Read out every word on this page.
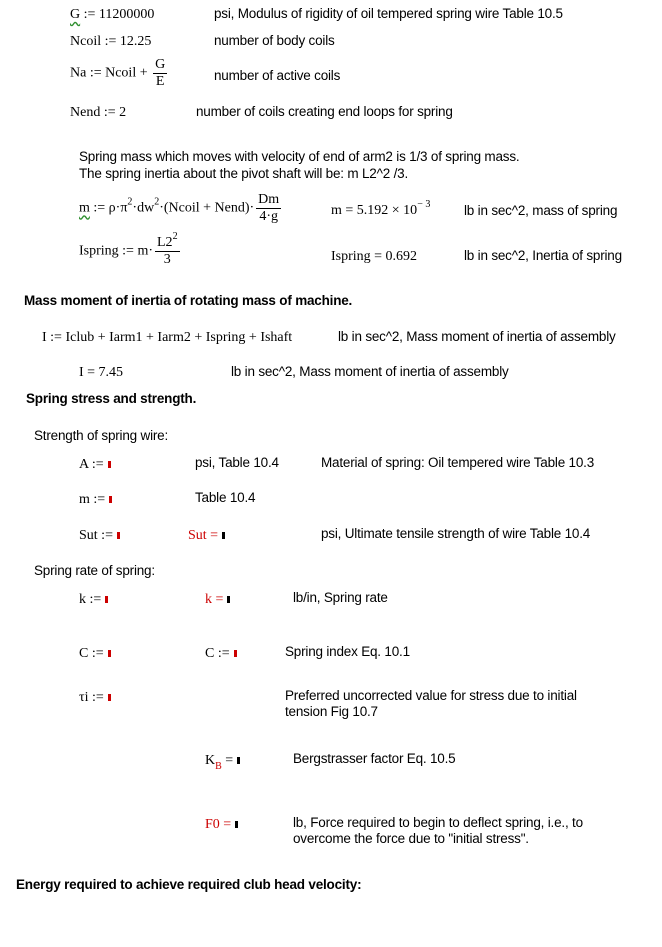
G := 11200000	psi, Modulus of rigidity of oil tempered spring wire Table 10.5
Ncoil := 12.25	number of body coils
Na := Ncoil + $\frac{G}{E}$	number of active coils
Nend := 2	number of coils creating end loops for spring
Spring mass which moves with velocity of end of arm2 is 1/3 of spring mass.
The spring inertia about the pivot shaft will be: m L2^2 /3.
m := $\rho\cdot\pi^2\cdot dw^2\cdot(Ncoil$ + Nend)· $\frac{Dm}{4\cdot g}$	$m = 5.192 \times 10^{- 3}$ lb in sec^2, mass of spring
Ispring := $m\cdot \frac{L2^2}{3}$	Ispring = 0.692	lb in sec^2, Inertia of spring
Mass moment of inertia of rotating mass of machine.
I := Iclub + Iarm1 + Iarm2 + Ispring + Ishaft	lb in sec^2, Mass moment of inertia of assembly
I = 7.45	lb in sec^2, Mass moment of inertia of assembly
Spring stress and strength.
Strength of spring wire:
A :=	psi, Table 10.4	Material of spring: Oil tempered wire Table 10.3
m :=	Table 10.4
Sut :=	Sut =	psi, Ultimate tensile strength of wire Table 10.4
Spring rate of spring:
k :=	k =	lb/in, Spring rate
C :=	C :=	Spring index Eq. 10.1
τi :=	Preferred uncorrected value for stress due to initial tension Fig 10.7
$K_B$ =	Bergstrasser factor Eq. 10.5
F0 =	lb, Force required to begin to deflect spring, i.e., to overcome the force due to "initial stress".
Energy required to achieve required club head velocity:
